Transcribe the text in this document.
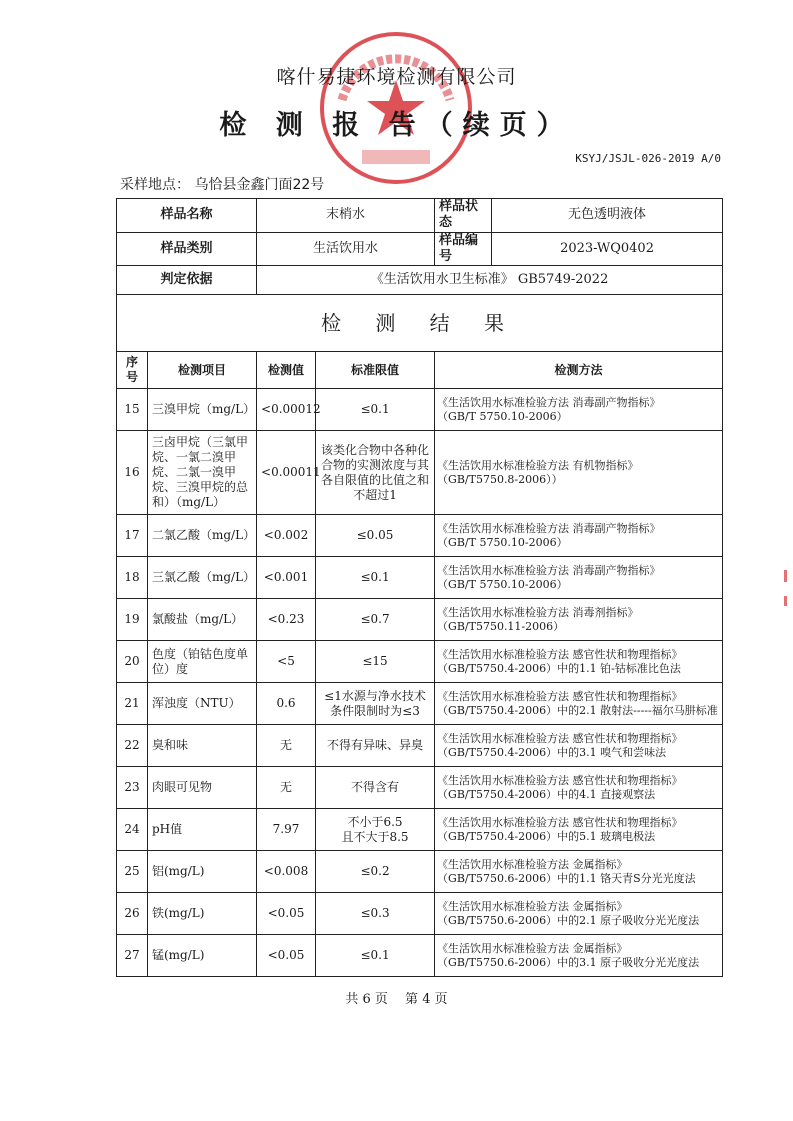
喀什易捷环境检测有限公司
检 测 报 告（续页）
KSYJ/JSJL-026-2019 A/0
采样地点： 乌恰县金鑫门面22号
样品名称		末梢水		样品状态	无色透明液体
样品类别		生活饮用水		样品编号	2023-WQ0402
判定依据		《生活饮用水卫生标准》 GB5749-2022			
检 测 结 果					
序号	检测项目	检测值	标准限值	检测方法	
15	三溴甲烷（mg/L）	<0.00012	≤0.1	《生活饮用水标准检验方法 消毒副产物指标》
（GB/T 5750.10-2006）	
16	三卤甲烷（三氯甲烷、一氯二溴甲烷、二氯一溴甲烷、三溴甲烷的总和）（mg/L）	<0.00011	该类化合物中各种化合物的实测浓度与其各自限值的比值之和不超过1	《生活饮用水标准检验方法 有机物指标》
（GB/T5750.8-2006））	
17	二氯乙酸（mg/L）	<0.002	≤0.05	《生活饮用水标准检验方法 消毒副产物指标》
（GB/T 5750.10-2006）	
18	三氯乙酸（mg/L）	<0.001	≤0.1	《生活饮用水标准检验方法 消毒副产物指标》
（GB/T 5750.10-2006）	
19	氯酸盐（mg/L）	<0.23	≤0.7	《生活饮用水标准检验方法 消毒剂指标》
（GB/T5750.11-2006）	
20	色度（铂钴色度单位）度	<5	≤15	《生活饮用水标准检验方法 感官性状和物理指标》
（GB/T5750.4-2006）中的1.1 铂-钴标准比色法	
21	浑浊度（NTU）	0.6	≤1水源与净水技术条件限制时为≤3	《生活饮用水标准检验方法 感官性状和物理指标》
（GB/T5750.4-2006）中的2.1 散射法-----福尔马肼标准	
22	臭和味	无	不得有异味、异臭	《生活饮用水标准检验方法 感官性状和物理指标》
（GB/T5750.4-2006）中的3.1 嗅气和尝味法	
23	肉眼可见物	无	不得含有	《生活饮用水标准检验方法 感官性状和物理指标》
（GB/T5750.4-2006）中的4.1 直接观察法	
24	pH值	7.97	不小于6.5
且不大于8.5	《生活饮用水标准检验方法 感官性状和物理指标》
（GB/T5750.4-2006）中的5.1 玻璃电极法	
25	铝(mg/L)	<0.008	≤0.2	《生活饮用水标准检验方法 金属指标》
（GB/T5750.6-2006）中的1.1 铬天青S分光光度法	
26	铁(mg/L)	<0.05	≤0.3	《生活饮用水标准检验方法 金属指标》
（GB/T5750.6-2006）中的2.1 原子吸收分光光度法	
27	锰(mg/L)	<0.05	≤0.1	《生活饮用水标准检验方法 金属指标》
（GB/T5750.6-2006）中的3.1 原子吸收分光光度法	
共 6 页　 第 4 页
